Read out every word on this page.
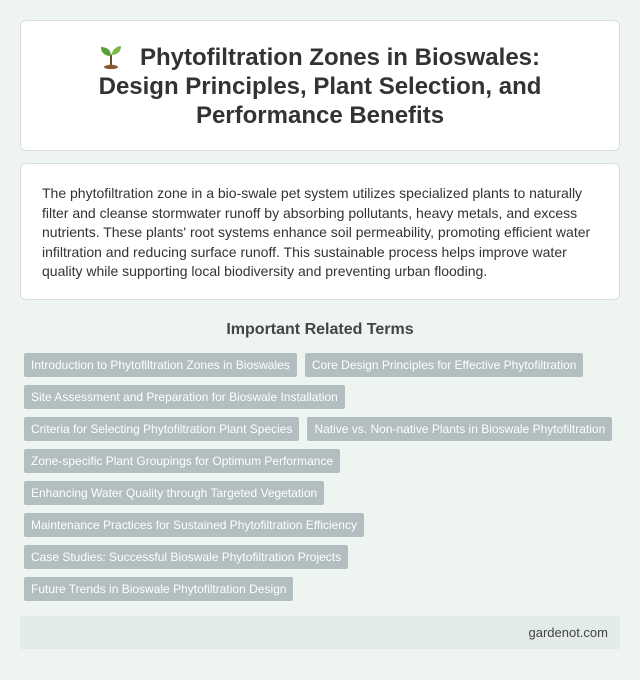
Phytofiltration Zones in Bioswales: Design Principles, Plant Selection, and Performance Benefits

The phytofiltration zone in a bio-swale pet system utilizes specialized plants to naturally filter and cleanse stormwater runoff by absorbing pollutants, heavy metals, and excess nutrients. These plants' root systems enhance soil permeability, promoting efficient water infiltration and reducing surface runoff. This sustainable process helps improve water quality while supporting local biodiversity and preventing urban flooding.

Important Related Terms
Introduction to Phytofiltration Zones in Bioswales	Core Design Principles for Effective Phytofiltration
Site Assessment and Preparation for Bioswale Installation
Criteria for Selecting Phytofiltration Plant Species	Native vs. Non-native Plants in Bioswale Phytofiltration
Zone-specific Plant Groupings for Optimum Performance
Enhancing Water Quality through Targeted Vegetation
Maintenance Practices for Sustained Phytofiltration Efficiency
Case Studies: Successful Bioswale Phytofiltration Projects
Future Trends in Bioswale Phytofiltration Design
gardenot.com
